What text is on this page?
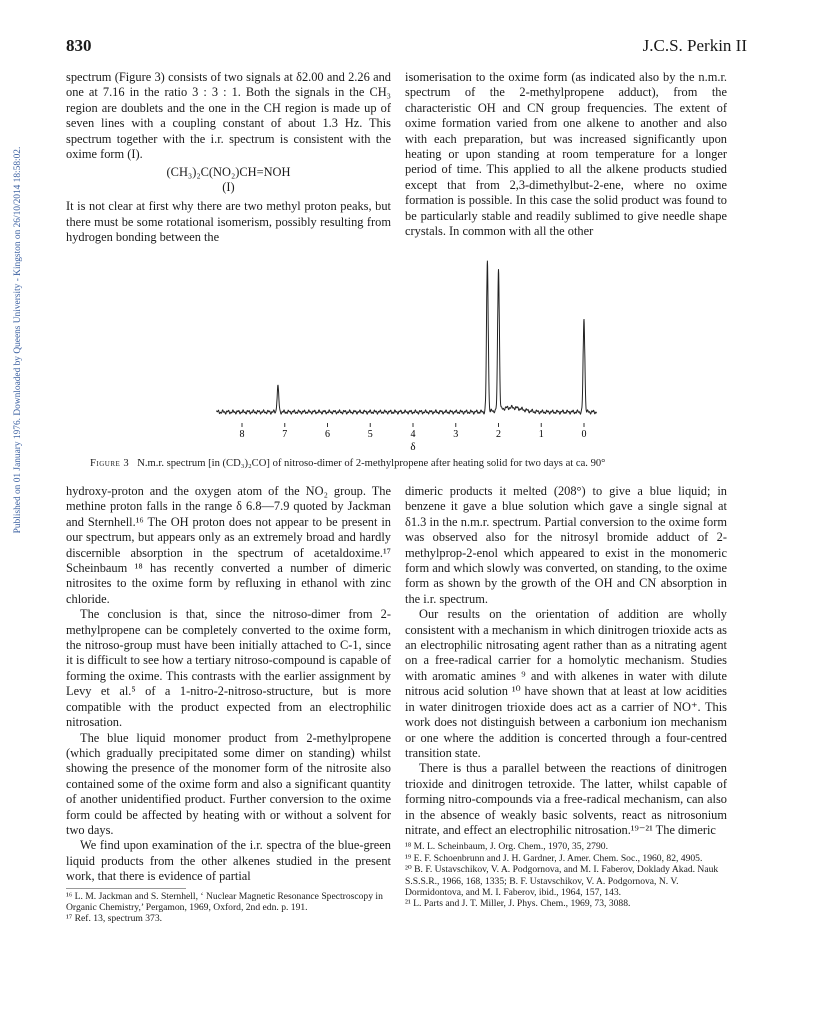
830	J.C.S. Perkin II
Published on 01 January 1976. Downloaded by Queens University - Kingston on 26/10/2014 18:58:02.

spectrum (Figure 3) consists of two signals at δ2.00 and 2.26 and one at 7.16 in the ratio 3 : 3 : 1. Both the signals in the CH₃ region are doublets and the one in the CH region is made up of seven lines with a coupling constant of about 1.3 Hz. This spectrum together with the i.r. spectrum is consistent with the oxime form (I).

(CH₃)₂C(NO₂)CH=NOH
(I)

It is not clear at first why there are two methyl proton peaks, but there must be some rotational isomerism, possibly resulting from hydrogen bonding between the

isomerisation to the oxime form (as indicated also by the n.m.r. spectrum of the 2-methylpropene adduct), from the characteristic OH and CN group frequencies. The extent of oxime formation varied from one alkene to another and also with each preparation, but was increased significantly upon heating or upon standing at room temperature for a longer period of time. This applied to all the alkene products studied except that from 2,3-dimethylbut-2-ene, where no oxime formation is possible. In this case the solid product was found to be particularly stable and readily sublimed to give needle shape crystals. In common with all the other

8	7	6	5	4	3	2	1	0
δ
Figure 3 N.m.r. spectrum [in (CD₃)₂CO] of nitroso-dimer of 2-methylpropene after heating solid for two days at ca. 90°

hydroxy-proton and the oxygen atom of the NO₂ group. The methine proton falls in the range δ 6.8—7.9 quoted by Jackman and Sternhell.¹⁶ The OH proton does not appear to be present in our spectrum, but appears only as an extremely broad and hardly discernible absorption in the spectrum of acetaldoxime.¹⁷ Scheinbaum ¹⁸ has recently converted a number of dimeric nitrosites to the oxime form by refluxing in ethanol with zinc chloride.

The conclusion is that, since the nitroso-dimer from 2-methylpropene can be completely converted to the oxime form, the nitroso-group must have been initially attached to C-1, since it is difficult to see how a tertiary nitroso-compound is capable of forming the oxime. This contrasts with the earlier assignment by Levy et al.⁵ of a 1-nitro-2-nitroso-structure, but is more compatible with the product expected from an electrophilic nitrosation.

The blue liquid monomer product from 2-methylpropene (which gradually precipitated some dimer on standing) whilst showing the presence of the monomer form of the nitrosite also contained some of the oxime form and also a significant quantity of another unidentified product. Further conversion to the oxime form could be affected by heating with or without a solvent for two days.

We find upon examination of the i.r. spectra of the blue-green liquid products from the other alkenes studied in the present work, that there is evidence of partial

¹⁶ L. M. Jackman and S. Sternhell, ‘ Nuclear Magnetic Resonance Spectroscopy in Organic Chemistry,’ Pergamon, 1969, Oxford, 2nd edn. p. 191.

¹⁷ Ref. 13, spectrum 373.

dimeric products it melted (208°) to give a blue liquid; in benzene it gave a blue solution which gave a single signal at δ1.3 in the n.m.r. spectrum. Partial conversion to the oxime form was observed also for the nitrosyl bromide adduct of 2-methylprop-2-enol which appeared to exist in the monomeric form and which slowly was converted, on standing, to the oxime form as shown by the growth of the OH and CN absorption in the i.r. spectrum.

Our results on the orientation of addition are wholly consistent with a mechanism in which dinitrogen trioxide acts as an electrophilic nitrosating agent rather than as a nitrating agent on a free-radical carrier for a homolytic mechanism. Studies with aromatic amines ⁹ and with alkenes in water with dilute nitrous acid solution ¹⁰ have shown that at least at low acidities in water dinitrogen trioxide does act as a carrier of NO⁺. This work does not distinguish between a carbonium ion mechanism or one where the addition is concerted through a four-centred transition state.

There is thus a parallel between the reactions of dinitrogen trioxide and dinitrogen tetroxide. The latter, whilst capable of forming nitro-compounds via a free-radical mechanism, can also in the absence of weakly basic solvents, react as nitrosonium nitrate, and effect an electrophilic nitrosation.¹⁹⁻²¹ The dimeric

¹⁸ M. L. Scheinbaum, J. Org. Chem., 1970, 35, 2790.

¹⁹ E. F. Schoenbrunn and J. H. Gardner, J. Amer. Chem. Soc., 1960, 82, 4905.

²⁰ B. F. Ustavschikov, V. A. Podgornova, and M. I. Faberov, Doklady Akad. Nauk S.S.S.R., 1966, 168, 1335; B. F. Ustavschikov, V. A. Podgornova, N. V. Dormidontova, and M. I. Faberov, ibid., 1964, 157, 143.

²¹ L. Parts and J. T. Miller, J. Phys. Chem., 1969, 73, 3088.
